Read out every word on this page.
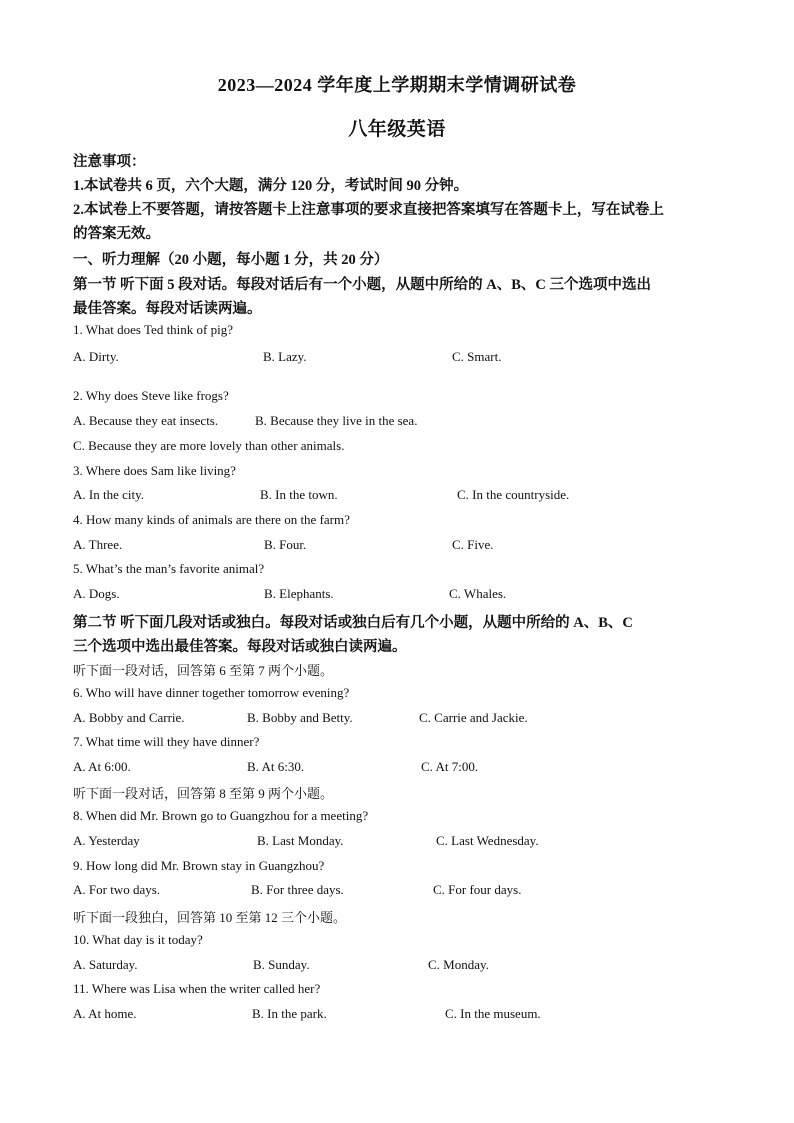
2023—2024 学年度上学期期末学情调研试卷
八年级英语
注意事项：
1.本试卷共 6 页，六个大题，满分 120 分，考试时间 90 分钟。
2.本试卷上不要答题，请按答题卡上注意事项的要求直接把答案填写在答题卡上，写在试卷上
的答案无效。
一、听力理解（20 小题，每小题 1 分，共 20 分）
第一节 听下面 5 段对话。每段对话后有一个小题，从题中所给的 A、B、C 三个选项中选出
最佳答案。每段对话读两遍。
1. What does Ted think of pig?
A. Dirty.	B. Lazy.	C. Smart.
2. Why does Steve like frogs?
A. Because they eat insects.	B. Because they live in the sea.
C. Because they are more lovely than other animals.
3. Where does Sam like living?
A. In the city.	B. In the town.	C. In the countryside.
4. How many kinds of animals are there on the farm?
A. Three.	B. Four.	C. Five.
5. What’s the man’s favorite animal?
A. Dogs.	B. Elephants.	C. Whales.
第二节 听下面几段对话或独白。每段对话或独白后有几个小题，从题中所给的 A、B、C
三个选项中选出最佳答案。每段对话或独白读两遍。
听下面一段对话，回答第 6 至第 7 两个小题。
6. Who will have dinner together tomorrow evening?
A. Bobby and Carrie.	B. Bobby and Betty.	C. Carrie and Jackie.
7. What time will they have dinner?
A. At 6:00.	B. At 6:30.	C. At 7:00.
听下面一段对话，回答第 8 至第 9 两个小题。
8. When did Mr. Brown go to Guangzhou for a meeting?
A. Yesterday	B. Last Monday.	C. Last Wednesday.
9. How long did Mr. Brown stay in Guangzhou?
A. For two days.	B. For three days.	C. For four days.
听下面一段独白，回答第 10 至第 12 三个小题。
10. What day is it today?
A. Saturday.	B. Sunday.	C. Monday.
11. Where was Lisa when the writer called her?
A. At home.	B. In the park.	C. In the museum.
